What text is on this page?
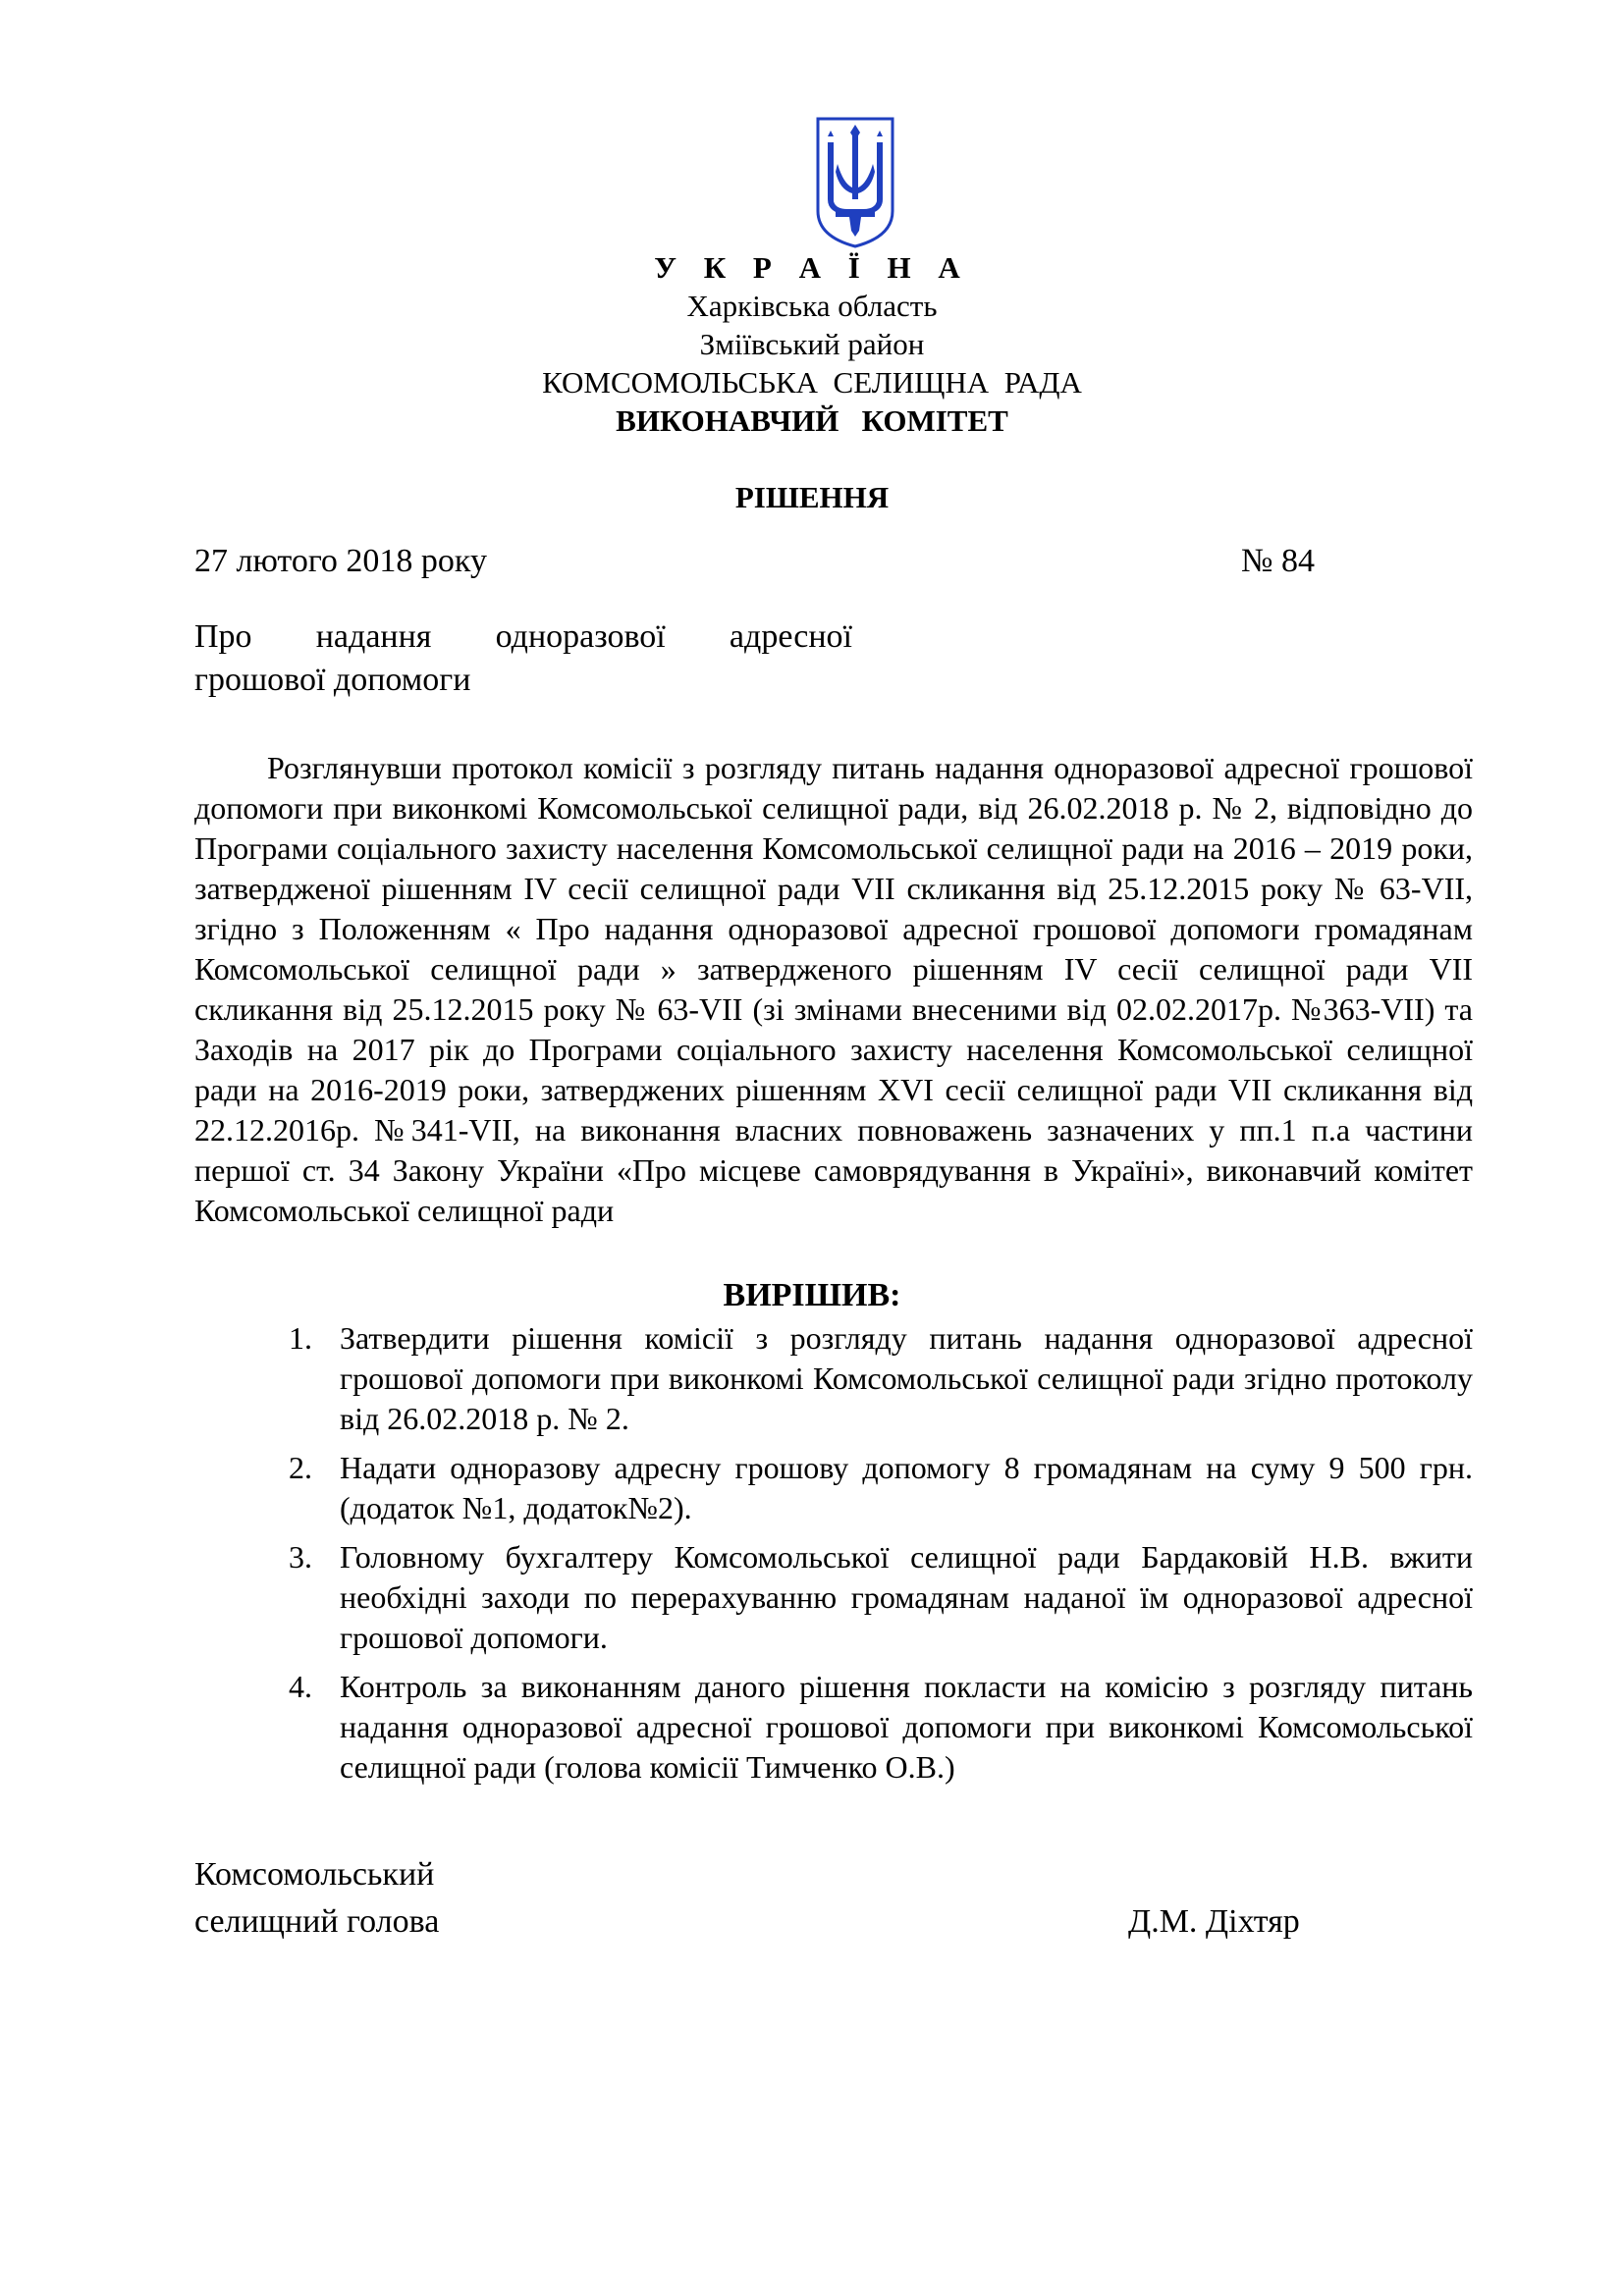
У К Р А Ї Н А
Харківська область
Зміївський район
КОМСОМОЛЬСЬКА  СЕЛИЩНА  РАДА
ВИКОНАВЧИЙ   КОМІТЕТ
РІШЕННЯ
27 лютого 2018 року	№ 84
Про надання одноразової адресної
грошової допомоги
Розглянувши протокол комісії з розгляду питань надання одноразової адресної грошової допомоги при виконкомі Комсомольської селищної ради, від 26.02.2018 р. № 2, відповідно до Програми соціального захисту населення Комсомольської селищної ради на 2016 – 2019 роки, затвердженої рішенням IV сесії селищної ради VII скликання від 25.12.2015 року № 63-VII, згідно з Положенням « Про надання одноразової адресної грошової допомоги громадянам Комсомольської селищної ради » затвердженого рішенням IV сесії селищної ради VII скликання від 25.12.2015 року № 63-VII (зі змінами внесеними від 02.02.2017р. №363-VII) та Заходів на 2017 рік до Програми соціального захисту населення Комсомольської селищної ради на 2016-2019 роки, затверджених рішенням XVI сесії селищної ради VII скликання від 22.12.2016р. №341-VII, на виконання власних повноважень зазначених у пп.1 п.а частини першої ст. 34 Закону України «Про місцеве самоврядування в Україні», виконавчий комітет Комсомольської селищної ради
ВИРІШИВ:
1. Затвердити рішення комісії з розгляду питань надання одноразової адресної грошової допомоги при виконкомі Комсомольської селищної ради згідно протоколу від 26.02.2018 р. № 2.
2. Надати одноразову адресну грошову допомогу 8 громадянам на суму 9 500 грн. (додаток №1, додаток№2).
3. Головному бухгалтеру Комсомольської селищної ради Бардаковій Н.В. вжити необхідні заходи по перерахуванню громадянам наданої їм одноразової адресної грошової допомоги.
4. Контроль за виконанням даного рішення покласти на комісію з розгляду питань надання одноразової адресної грошової допомоги при виконкомі Комсомольської селищної ради (голова комісії Тимченко О.В.)
Комсомольський
селищний голова	Д.М. Діхтяр
